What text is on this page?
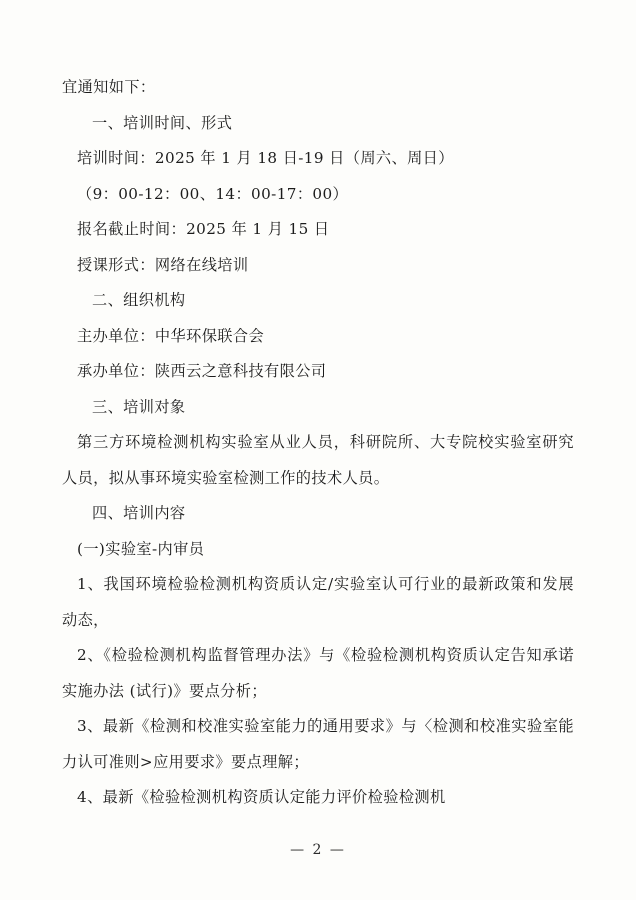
宜通知如下：

一、培训时间、形式

培训时间：2025 年 1 月 18 日-19 日（周六、周日）

（9：00-12：00、14：00-17：00）

报名截止时间：2025 年 1 月 15 日

授课形式：网络在线培训

二、组织机构

主办单位：中华环保联合会

承办单位：陕西云之意科技有限公司

三、培训对象

第三方环境检测机构实验室从业人员，科研院所、大专院校实验室研究人员，拟从事环境实验室检测工作的技术人员。

四、培训内容

(一)实验室-内审员

1、我国环境检验检测机构资质认定/实验室认可行业的最新政策和发展动态，

2、《检验检测机构监督管理办法》与《检验检测机构资质认定告知承诺实施办法 (试行)》要点分析；

3、最新《检测和校准实验室能力的通用要求》与〈检测和校准实验室能力认可准则>应用要求》要点理解；

4、最新《检验检测机构资质认定能力评价检验检测机

— 2 —
